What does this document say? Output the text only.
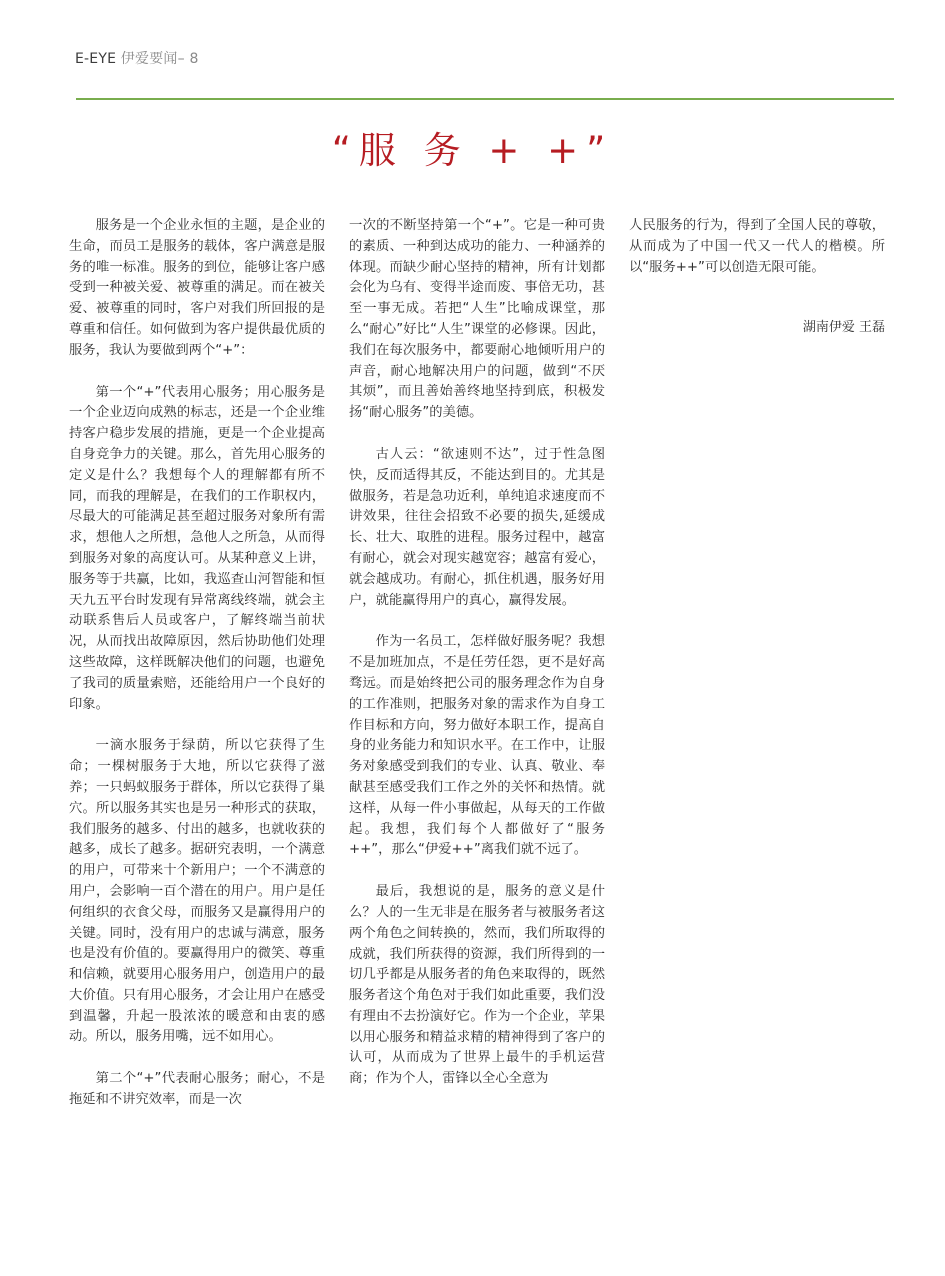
E-EYE 伊爱要闻– 8
“服 务 + +”

服务是一个企业永恒的主题，是企业的生命，而员工是服务的载体，客户满意是服务的唯一标准。服务的到位，能够让客户感受到一种被关爱、被尊重的满足。而在被关爱、被尊重的同时，客户对我们所回报的是尊重和信任。如何做到为客户提供最优质的服务，我认为要做到两个“+”：

第一个“+”代表用心服务；用心服务是一个企业迈向成熟的标志，还是一个企业维持客户稳步发展的措施，更是一个企业提高自身竞争力的关键。那么，首先用心服务的定义是什么？我想每个人的理解都有所不同，而我的理解是，在我们的工作职权内，尽最大的可能满足甚至超过服务对象所有需求，想他人之所想，急他人之所急，从而得到服务对象的高度认可。从某种意义上讲，服务等于共赢，比如，我巡查山河智能和恒天九五平台时发现有异常离线终端，就会主动联系售后人员或客户，了解终端当前状况，从而找出故障原因，然后协助他们处理这些故障，这样既解决他们的问题，也避免了我司的质量索赔，还能给用户一个良好的印象。

一滴水服务于绿荫，所以它获得了生命；一棵树服务于大地，所以它获得了滋养；一只蚂蚁服务于群体，所以它获得了巢穴。所以服务其实也是另一种形式的获取，我们服务的越多、付出的越多，也就收获的越多，成长了越多。据研究表明，一个满意的用户，可带来十个新用户；一个不满意的用户，会影响一百个潜在的用户。用户是任何组织的衣食父母，而服务又是赢得用户的关键。同时，没有用户的忠诚与满意，服务也是没有价值的。要赢得用户的微笑、尊重和信赖，就要用心服务用户，创造用户的最大价值。只有用心服务，才会让用户在感受到温馨，升起一股浓浓的暖意和由衷的感动。所以，服务用嘴，远不如用心。

第二个“+”代表耐心服务；耐心，不是拖延和不讲究效率，而是一次

一次的不断坚持第一个“+”。它是一种可贵的素质、一种到达成功的能力、一种涵养的体现。而缺少耐心坚持的精神，所有计划都会化为乌有、变得半途而废、事倍无功，甚至一事无成。若把“人生”比喻成课堂，那么“耐心”好比“人生”课堂的必修课。因此，我们在每次服务中，都要耐心地倾听用户的声音，耐心地解决用户的问题，做到“不厌其烦”，而且善始善终地坚持到底，积极发扬“耐心服务”的美德。

古人云：“欲速则不达”，过于性急图快，反而适得其反，不能达到目的。尤其是做服务，若是急功近利，单纯追求速度而不讲效果，往往会招致不必要的损失,延缓成长、壮大、取胜的进程。服务过程中，越富有耐心，就会对现实越宽容；越富有爱心，就会越成功。有耐心，抓住机遇，服务好用户，就能赢得用户的真心，赢得发展。

作为一名员工，怎样做好服务呢？我想不是加班加点，不是任劳任怨，更不是好高骛远。而是始终把公司的服务理念作为自身的工作准则，把服务对象的需求作为自身工作目标和方向，努力做好本职工作，提高自身的业务能力和知识水平。在工作中，让服务对象感受到我们的专业、认真、敬业、奉献甚至感受我们工作之外的关怀和热情。就这样，从每一件小事做起，从每天的工作做起。我想，我们每个人都做好了“服务++”，那么“伊爱++”离我们就不远了。

最后，我想说的是，服务的意义是什么？人的一生无非是在服务者与被服务者这两个角色之间转换的，然而，我们所取得的成就，我们所获得的资源，我们所得到的一切几乎都是从服务者的角色来取得的，既然服务者这个角色对于我们如此重要，我们没有理由不去扮演好它。作为一个企业，苹果以用心服务和精益求精的精神得到了客户的认可，从而成为了世界上最牛的手机运营商；作为个人，雷锋以全心全意为

人民服务的行为，得到了全国人民的尊敬，从而成为了中国一代又一代人的楷模。所以“服务++”可以创造无限可能。

湖南伊爱 王磊
